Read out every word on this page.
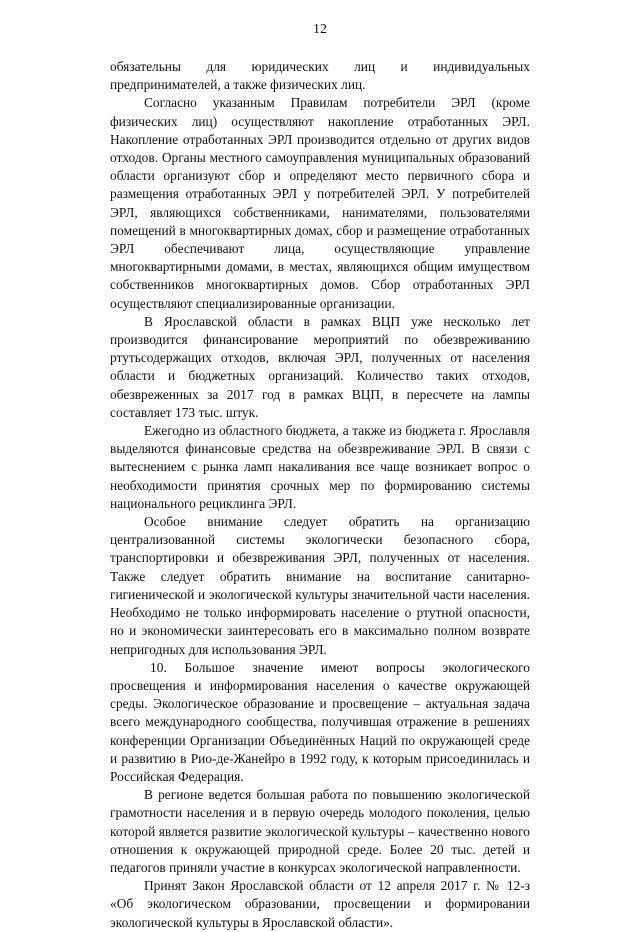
12

обязательны для юридических лиц и индивидуальных предпринимателей, а также физических лиц.

Согласно указанным Правилам потребители ЭРЛ (кроме физических лиц) осуществляют накопление отработанных ЭРЛ. Накопление отработанных ЭРЛ производится отдельно от других видов отходов. Органы местного самоуправления муниципальных образований области организуют сбор и определяют место первичного сбора и размещения отработанных ЭРЛ у потребителей ЭРЛ. У потребителей ЭРЛ, являющихся собственниками, нанимателями, пользователями помещений в многоквартирных домах, сбор и размещение отработанных ЭРЛ обеспечивают лица, осуществляющие управление многоквартирными домами, в местах, являющихся общим имуществом собственников многоквартирных домов. Сбор отработанных ЭРЛ осуществляют специализированные организации.

В Ярославской области в рамках ВЦП уже несколько лет производится финансирование мероприятий по обезвреживанию ртутьсодержащих отходов, включая ЭРЛ, полученных от населения области и бюджетных организаций. Количество таких отходов, обезвреженных за 2017 год в рамках ВЦП, в пересчете на лампы составляет 173 тыс. штук.

Ежегодно из областного бюджета, а также из бюджета г. Ярославля выделяются финансовые средства на обезвреживание ЭРЛ. В связи с вытеснением с рынка ламп накаливания все чаще возникает вопрос о необходимости принятия срочных мер по формированию системы национального рециклинга ЭРЛ.

Особое внимание следует обратить на организацию централизованной системы экологически безопасного сбора, транспортировки и обезвреживания ЭРЛ, полученных от населения. Также следует обратить внимание на воспитание санитарно-гигиенической и экологической культуры значительной части населения. Необходимо не только информировать население о ртутной опасности, но и экономически заинтересовать его в максимально полном возврате непригодных для использования ЭРЛ.

10. Большое значение имеют вопросы экологического просвещения и информирования населения о качестве окружающей среды. Экологическое образование и просвещение – актуальная задача всего международного сообщества, получившая отражение в решениях конференции Организации Объединённых Наций по окружающей среде и развитию в Рио-де-Жанейро в 1992 году, к которым присоединилась и Российская Федерация.

В регионе ведется большая работа по повышению экологической грамотности населения и в первую очередь молодого поколения, целью которой является развитие экологической культуры – качественно нового отношения к окружающей природной среде. Более 20 тыс. детей и педагогов приняли участие в конкурсах экологической направленности.

Принят Закон Ярославской области от 12 апреля 2017 г. № 12-з «Об экологическом образовании, просвещении и формировании экологической культуры в Ярославской области».
